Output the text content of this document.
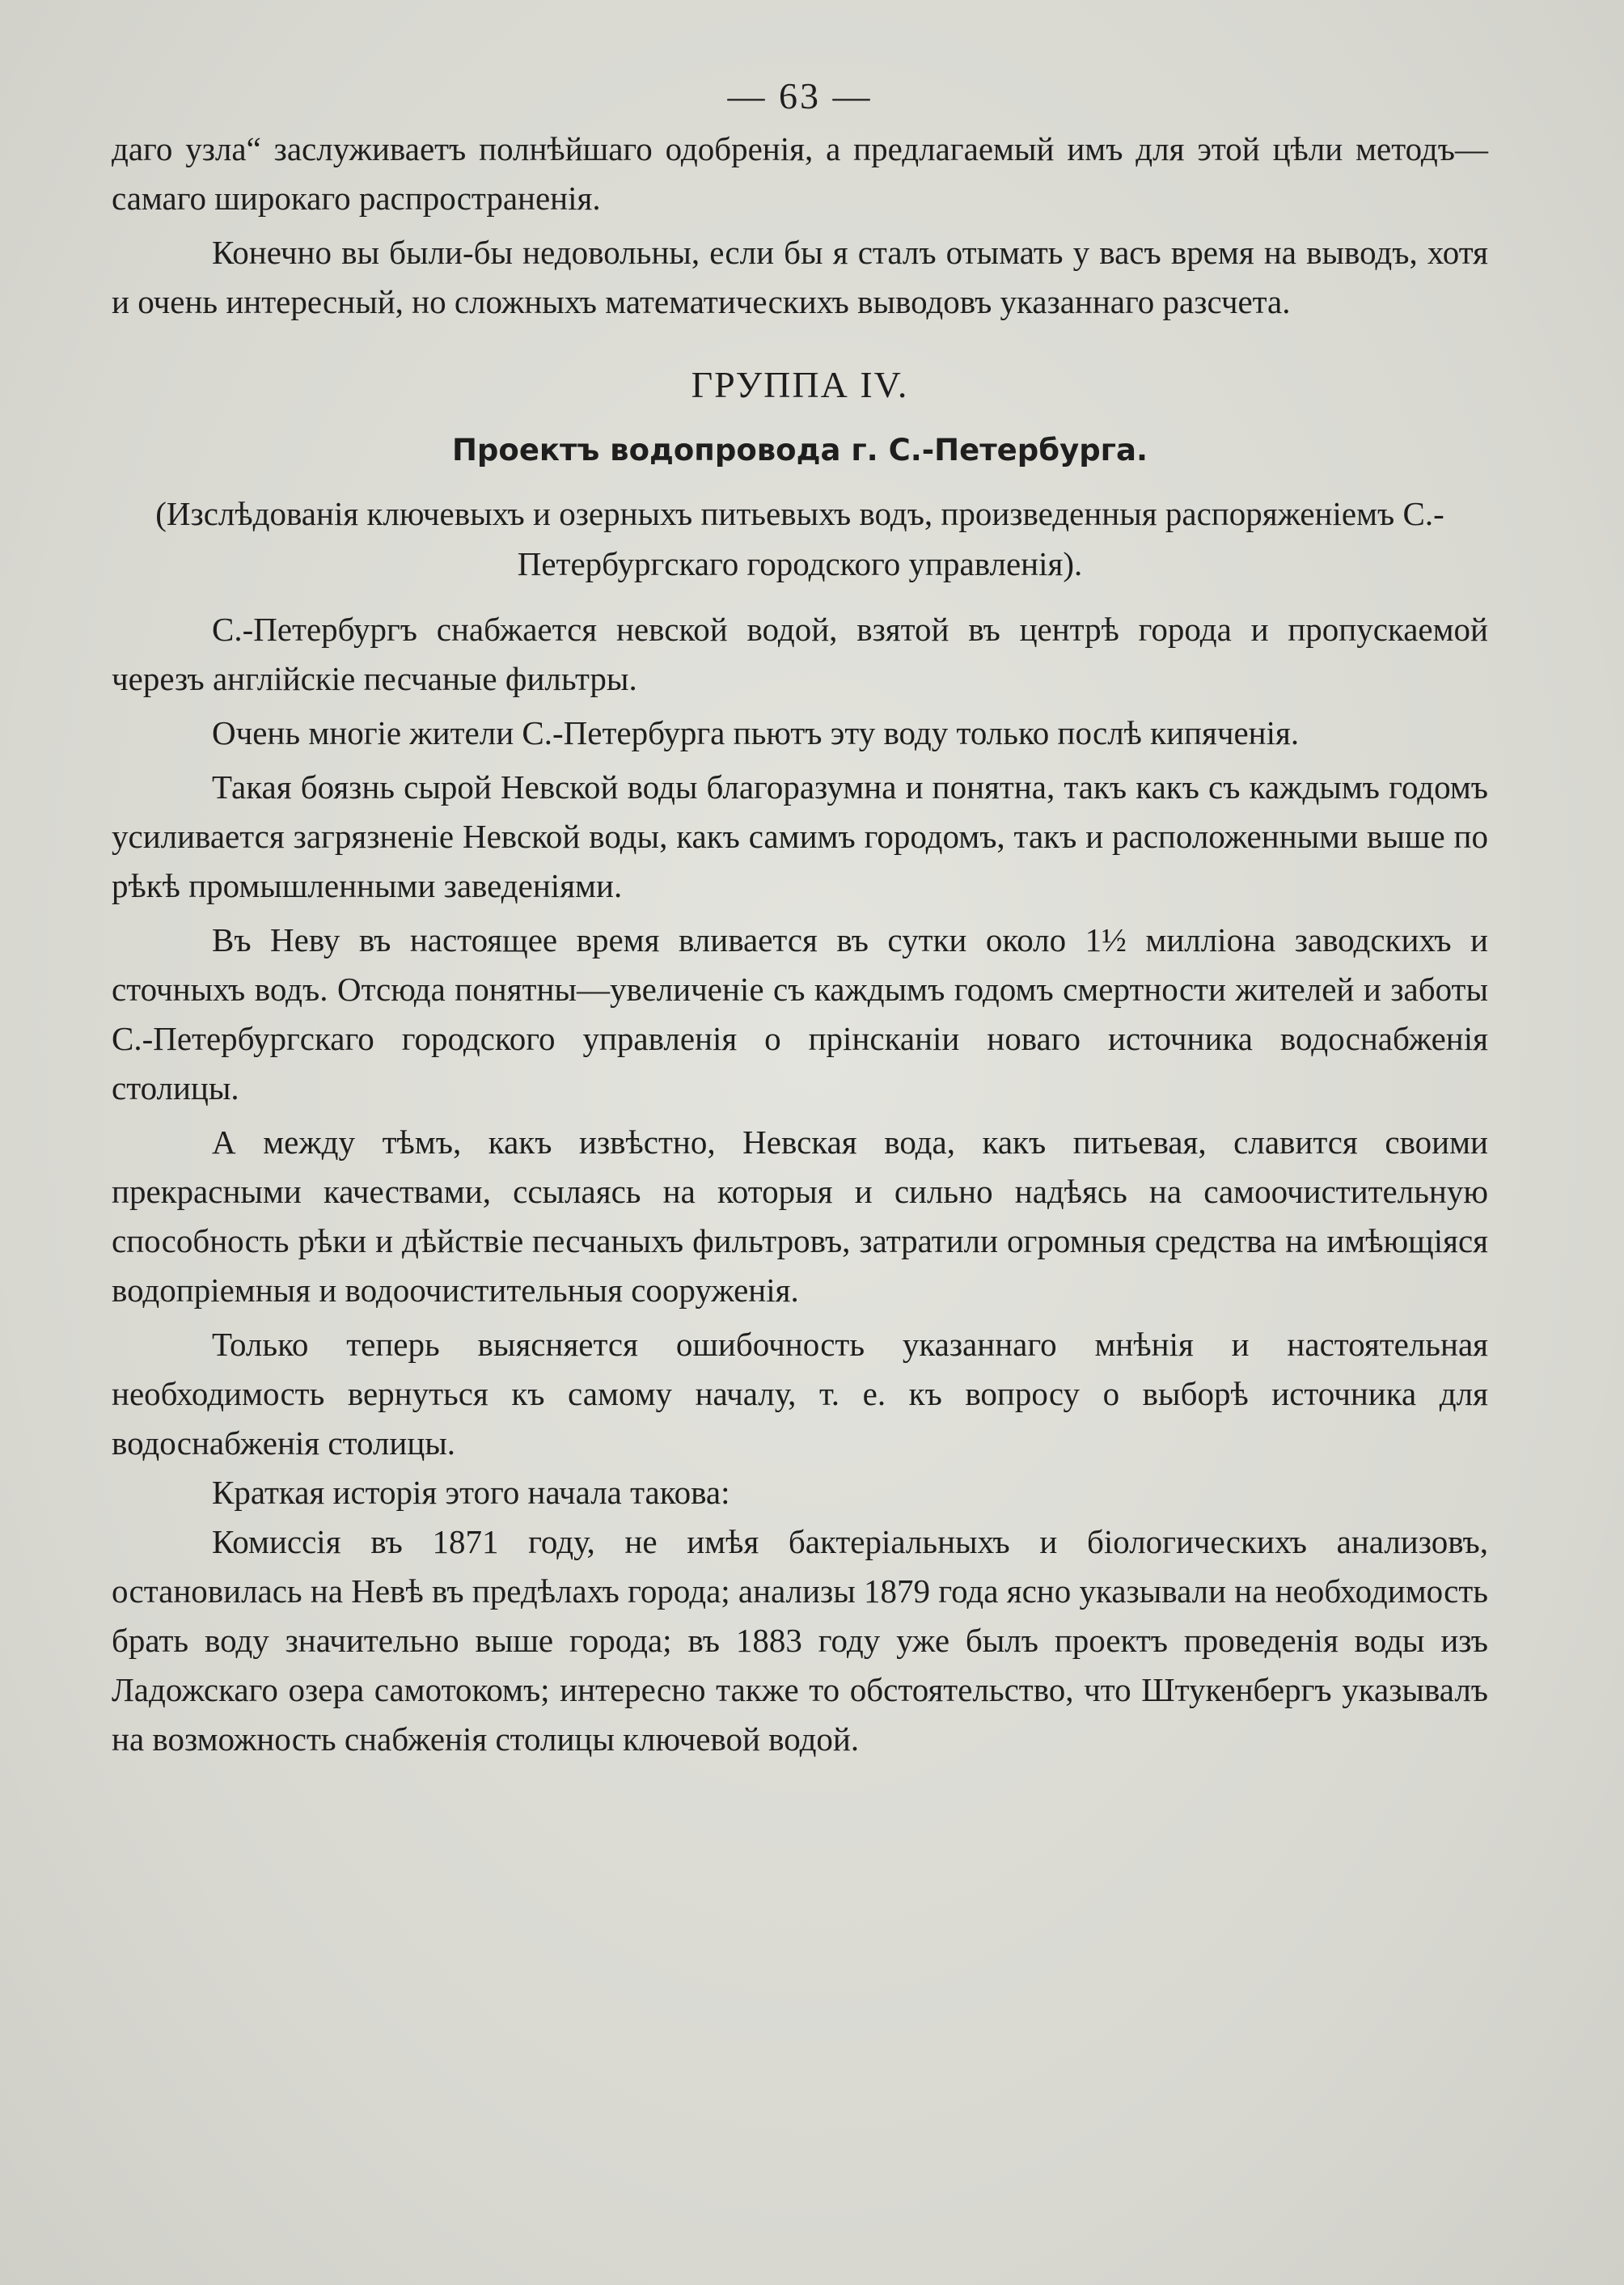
— 63 —

даго узла“ заслуживаетъ полнѣйшаго одобренія, а предлагаемый имъ для этой цѣли методъ—самаго широкаго распространенія.

Конечно вы были-бы недовольны, если бы я сталъ отымать у васъ время на выводъ, хотя и очень интересный, но сложныхъ математическихъ выводовъ указаннаго разсчета.

ГРУППА IV.
Проектъ водопровода г. С.-Петербурга.
(Изслѣдованія ключевыхъ и озерныхъ питьевыхъ водъ, произведенныя распоряженіемъ С.-Петербургскаго городского управленія).

С.-Петербургъ снабжается невской водой, взятой въ центрѣ города и пропускаемой черезъ англійскіе песчаные фильтры.

Очень многіе жители С.-Петербурга пьютъ эту воду только послѣ кипяченія.

Такая боязнь сырой Невской воды благоразумна и понятна, такъ какъ съ каждымъ годомъ усиливается загрязненіе Невской воды, какъ самимъ городомъ, такъ и расположенными выше по рѣкѣ промышленными заведеніями.

Въ Неву въ настоящее время вливается въ сутки около 1½ милліона заводскихъ и сточныхъ водъ. Отсюда понятны—увеличеніе съ каждымъ годомъ смертности жителей и заботы С.-Петербургскаго городского управленія о прінсканіи новаго источника водоснабженія столицы.

А между тѣмъ, какъ извѣстно, Невская вода, какъ питьевая, славится своими прекрасными качествами, ссылаясь на которыя и сильно надѣясь на самоочистительную способность рѣки и дѣйствіе песчаныхъ фильтровъ, затратили огромныя средства на имѣющіяся водопріемныя и водоочистительныя сооруженія.

Только теперь выясняется ошибочность указаннаго мнѣнія и настоятельная необходимость вернуться къ самому началу, т. е. къ вопросу о выборѣ источника для водоснабженія столицы.

Краткая исторія этого начала такова:

Комиссія въ 1871 году, не имѣя бактеріальныхъ и біологическихъ анализовъ, остановилась на Невѣ въ предѣлахъ города; анализы 1879 года ясно указывали на необходимость брать воду значительно выше города; въ 1883 году уже былъ проектъ проведенія воды изъ Ладожскаго озера самотокомъ; интересно также то обстоятельство, что Штукенбергъ указывалъ на возможность снабженія столицы ключевой водой.
